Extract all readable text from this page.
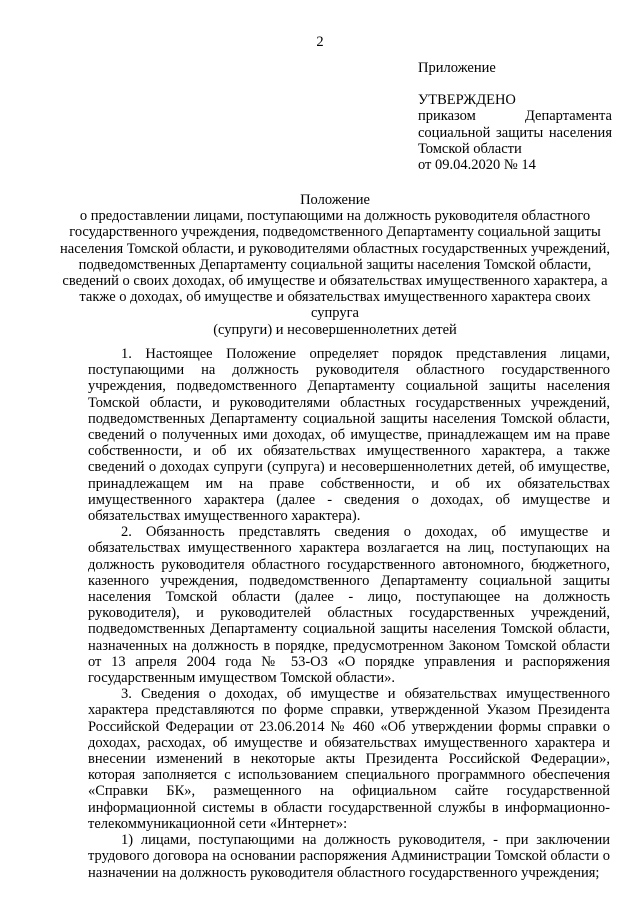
2

Приложение

УТВЕРЖДЕНО

приказом Департамента

социальной защиты населения

Томской области

от 09.04.2020 № 14

Положение

о предоставлении лицами, поступающими на должность руководителя областного

государственного учреждения, подведомственного Департаменту социальной защиты

населения Томской области, и руководителями областных государственных учреждений,

подведомственных Департаменту социальной защиты населения Томской области,

сведений о своих доходах, об имуществе и обязательствах имущественного характера, а

также о доходах, об имуществе и обязательствах имущественного характера своих супруга

(супруги) и несовершеннолетних детей

1. Настоящее Положение определяет порядок представления лицами, поступающими на должность руководителя областного государственного учреждения, подведомственного Департаменту социальной защиты населения Томской области, и руководителями областных государственных учреждений, подведомственных Департаменту социальной защиты населения Томской области, сведений о полученных ими доходах, об имуществе, принадлежащем им на праве собственности, и об их обязательствах имущественного характера, а также сведений о доходах супруги (супруга) и несовершеннолетних детей, об имуществе, принадлежащем им на праве собственности, и об их обязательствах имущественного характера (далее - сведения о доходах, об имуществе и обязательствах имущественного характера).

2. Обязанность представлять сведения о доходах, об имуществе и обязательствах имущественного характера возлагается на лиц, поступающих на должность руководителя областного государственного автономного, бюджетного, казенного учреждения, подведомственного Департаменту социальной защиты населения Томской области (далее - лицо, поступающее на должность руководителя), и руководителей областных государственных учреждений, подведомственных Департаменту социальной защиты населения Томской области, назначенных на должность в порядке, предусмотренном Законом Томской области от 13 апреля 2004 года № 53-ОЗ «О порядке управления и распоряжения государственным имуществом Томской области».

3. Сведения о доходах, об имуществе и обязательствах имущественного характера представляются по форме справки, утвержденной Указом Президента Российской Федерации от 23.06.2014 № 460 «Об утверждении формы справки о доходах, расходах, об имуществе и обязательствах имущественного характера и внесении изменений в некоторые акты Президента Российской Федерации», которая заполняется с использованием специального программного обеспечения «Справки БК», размещенного на официальном сайте государственной информационной системы в области государственной службы в информационно-телекоммуникационной сети «Интернет»:

1) лицами, поступающими на должность руководителя, - при заключении трудового договора на основании распоряжения Администрации Томской области о назначении на должность руководителя областного государственного учреждения;
